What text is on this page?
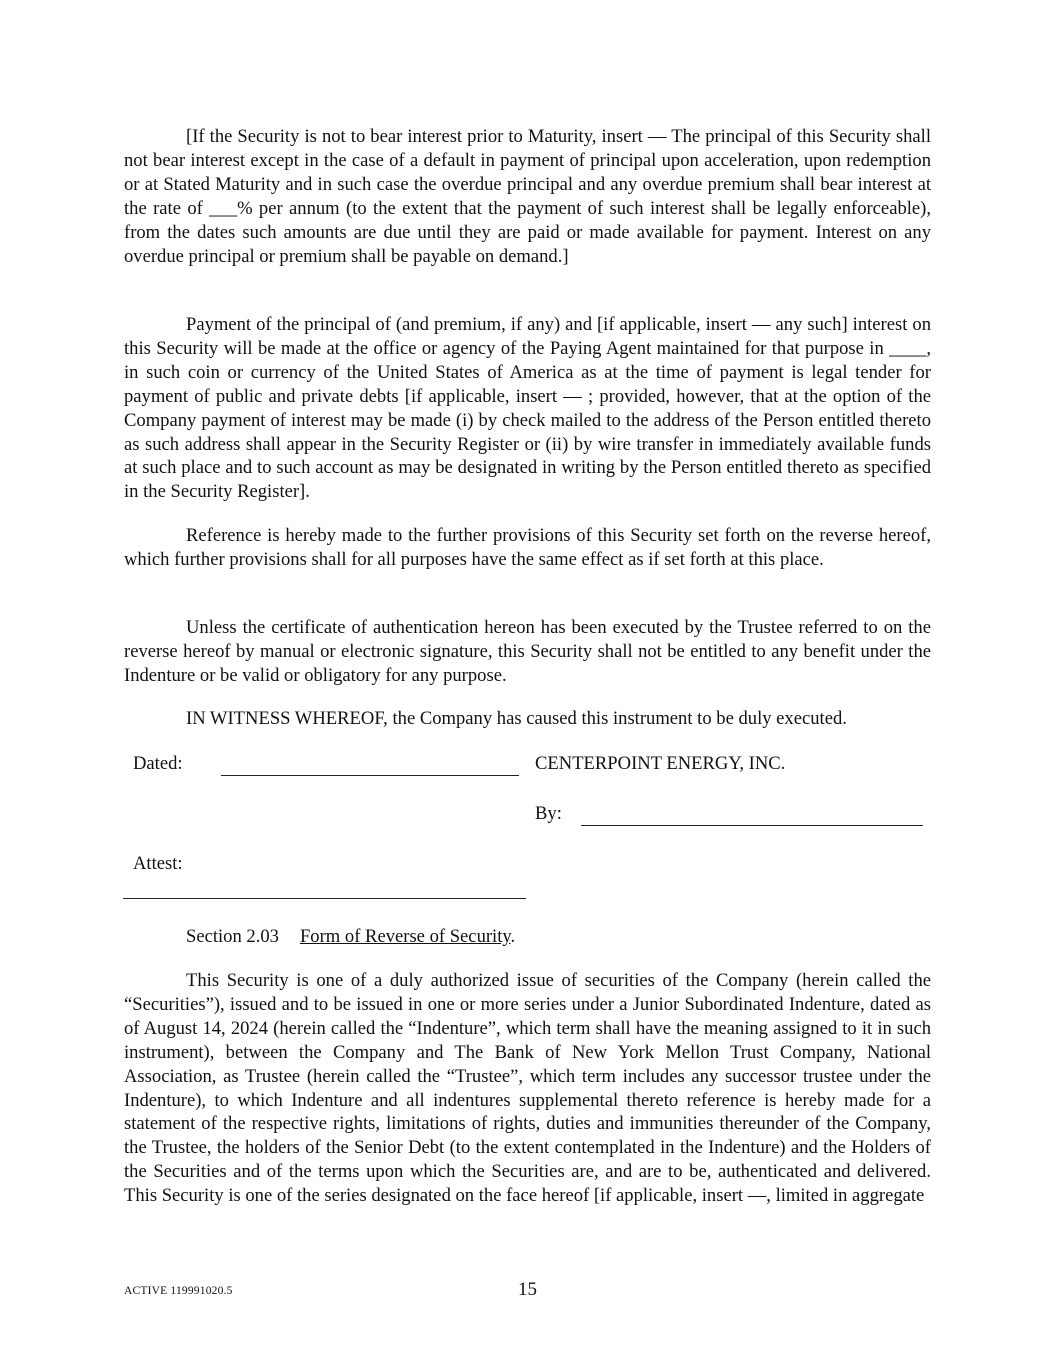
[If the Security is not to bear interest prior to Maturity, insert — The principal of this Security shall not bear interest except in the case of a default in payment of principal upon acceleration, upon redemption or at Stated Maturity and in such case the overdue principal and any overdue premium shall bear interest at the rate of ___% per annum (to the extent that the payment of such interest shall be legally enforceable), from the dates such amounts are due until they are paid or made available for payment. Interest on any overdue principal or premium shall be payable on demand.]

Payment of the principal of (and premium, if any) and [if applicable, insert — any such] interest on this Security will be made at the office or agency of the Paying Agent maintained for that purpose in ____, in such coin or currency of the United States of America as at the time of payment is legal tender for payment of public and private debts [if applicable, insert — ; provided, however, that at the option of the Company payment of interest may be made (i) by check mailed to the address of the Person entitled thereto as such address shall appear in the Security Register or (ii) by wire transfer in immediately available funds at such place and to such account as may be designated in writing by the Person entitled thereto as specified in the Security Register].

Reference is hereby made to the further provisions of this Security set forth on the reverse hereof, which further provisions shall for all purposes have the same effect as if set forth at this place.

Unless the certificate of authentication hereon has been executed by the Trustee referred to on the reverse hereof by manual or electronic signature, this Security shall not be entitled to any benefit under the Indenture or be valid or obligatory for any purpose.

IN WITNESS WHEREOF, the Company has caused this instrument to be duly executed.

Dated:	CENTERPOINT ENERGY, INC.
By:
Attest:
Section 2.03 Form of Reverse of Security.

This Security is one of a duly authorized issue of securities of the Company (herein called the “Securities”), issued and to be issued in one or more series under a Junior Subordinated Indenture, dated as of August 14, 2024 (herein called the “Indenture”, which term shall have the meaning assigned to it in such instrument), between the Company and The Bank of New York Mellon Trust Company, National Association, as Trustee (herein called the “Trustee”, which term includes any successor trustee under the Indenture), to which Indenture and all indentures supplemental thereto reference is hereby made for a statement of the respective rights, limitations of rights, duties and immunities thereunder of the Company, the Trustee, the holders of the Senior Debt (to the extent contemplated in the Indenture) and the Holders of the Securities and of the terms upon which the Securities are, and are to be, authenticated and delivered. This Security is one of the series designated on the face hereof [if applicable, insert —, limited in aggregate

ACTIVE 119991020.5	15
